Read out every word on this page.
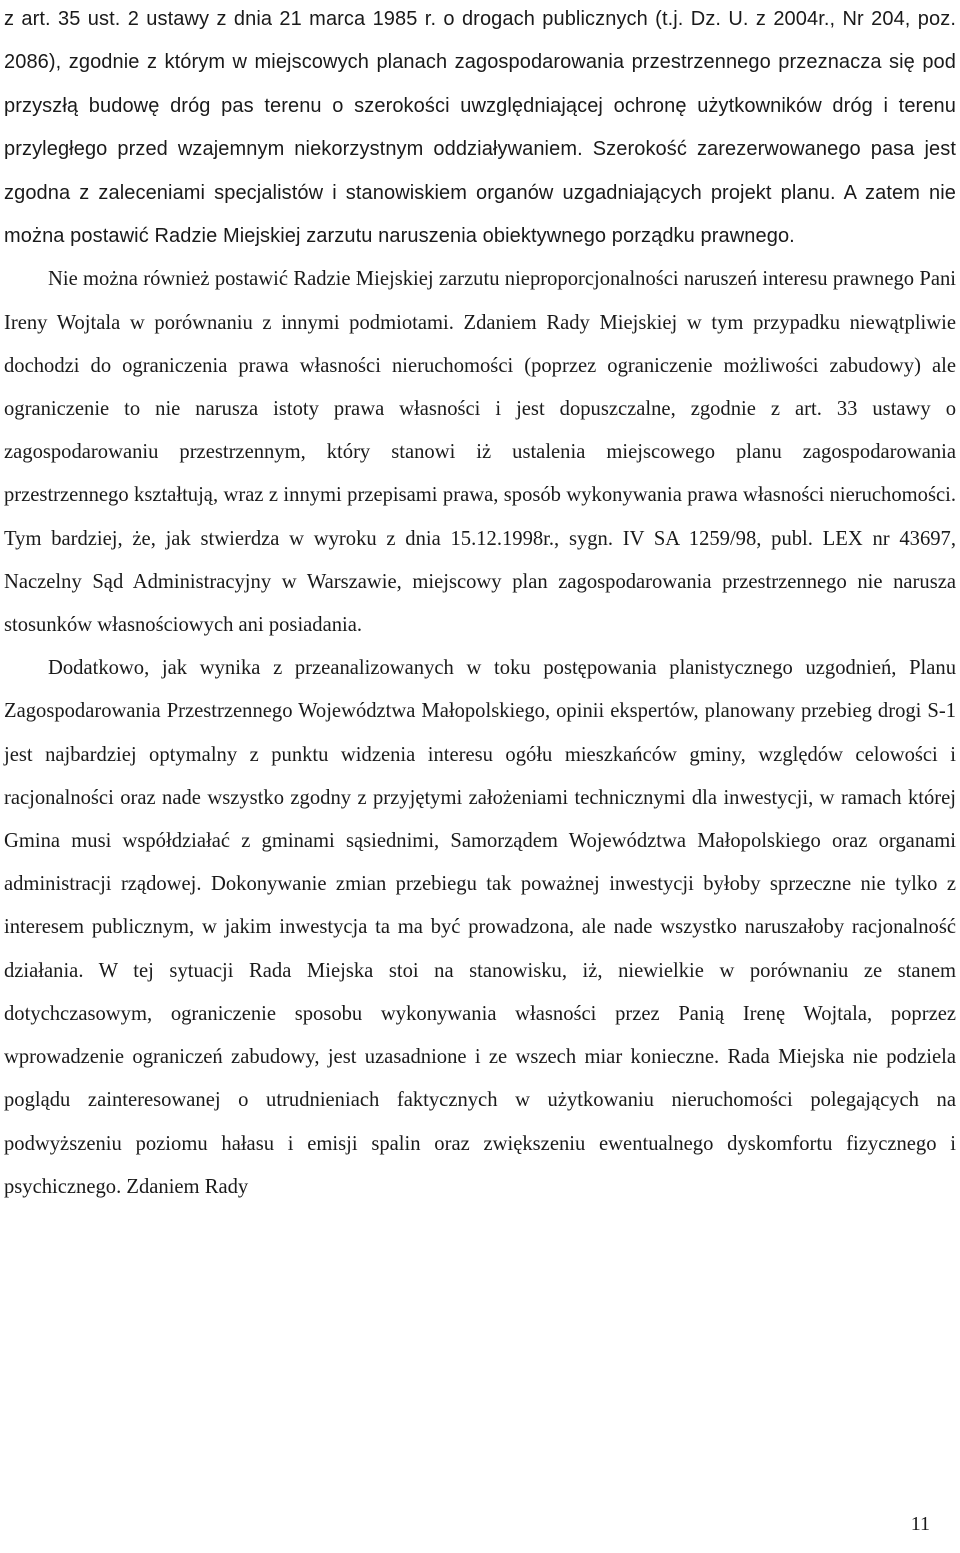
z art. 35 ust. 2 ustawy z dnia 21 marca 1985 r. o drogach publicznych (t.j. Dz. U. z 2004r., Nr 204, poz. 2086), zgodnie z którym w miejscowych planach zagospodarowania przestrzennego przeznacza się pod przyszłą budowę dróg pas terenu o szerokości uwzględniającej ochronę użytkowników dróg i terenu przyległego przed wzajemnym niekorzystnym oddziaływaniem. Szerokość zarezerwowanego pasa jest zgodna z zaleceniami specjalistów i stanowiskiem organów uzgadniających projekt planu. A zatem nie można postawić Radzie Miejskiej zarzutu naruszenia obiektywnego porządku prawnego.

Nie można również postawić Radzie Miejskiej zarzutu nieproporcjonalności naruszeń interesu prawnego Pani Ireny Wojtala w porównaniu z innymi podmiotami. Zdaniem Rady Miejskiej w tym przypadku niewątpliwie dochodzi do ograniczenia prawa własności nieruchomości (poprzez ograniczenie możliwości zabudowy) ale ograniczenie to nie narusza istoty prawa własności i jest dopuszczalne, zgodnie z art. 33 ustawy o zagospodarowaniu przestrzennym, który stanowi iż ustalenia miejscowego planu zagospodarowania przestrzennego kształtują, wraz z innymi przepisami prawa, sposób wykonywania prawa własności nieruchomości. Tym bardziej, że, jak stwierdza w wyroku z dnia 15.12.1998r., sygn. IV SA 1259/98, publ. LEX nr 43697, Naczelny Sąd Administracyjny w Warszawie, miejscowy plan zagospodarowania przestrzennego nie narusza stosunków własnościowych ani posiadania.

Dodatkowo, jak wynika z przeanalizowanych w toku postępowania planistycznego uzgodnień, Planu Zagospodarowania Przestrzennego Województwa Małopolskiego, opinii ekspertów, planowany przebieg drogi S-1 jest najbardziej optymalny z punktu widzenia interesu ogółu mieszkańców gminy, względów celowości i racjonalności oraz nade wszystko zgodny z przyjętymi założeniami technicznymi dla inwestycji, w ramach której Gmina musi współdziałać z gminami sąsiednimi, Samorządem Województwa Małopolskiego oraz organami administracji rządowej. Dokonywanie zmian przebiegu tak poważnej inwestycji byłoby sprzeczne nie tylko z interesem publicznym, w jakim inwestycja ta ma być prowadzona, ale nade wszystko naruszałoby racjonalność działania. W tej sytuacji Rada Miejska stoi na stanowisku, iż, niewielkie w porównaniu ze stanem dotychczasowym, ograniczenie sposobu wykonywania własności przez Panią Irenę Wojtala, poprzez wprowadzenie ograniczeń zabudowy, jest uzasadnione i ze wszech miar konieczne. Rada Miejska nie podziela poglądu zainteresowanej o utrudnieniach faktycznych w użytkowaniu nieruchomości polegających na podwyższeniu poziomu hałasu i emisji spalin oraz zwiększeniu ewentualnego dyskomfortu fizycznego i psychicznego. Zdaniem Rady

11
